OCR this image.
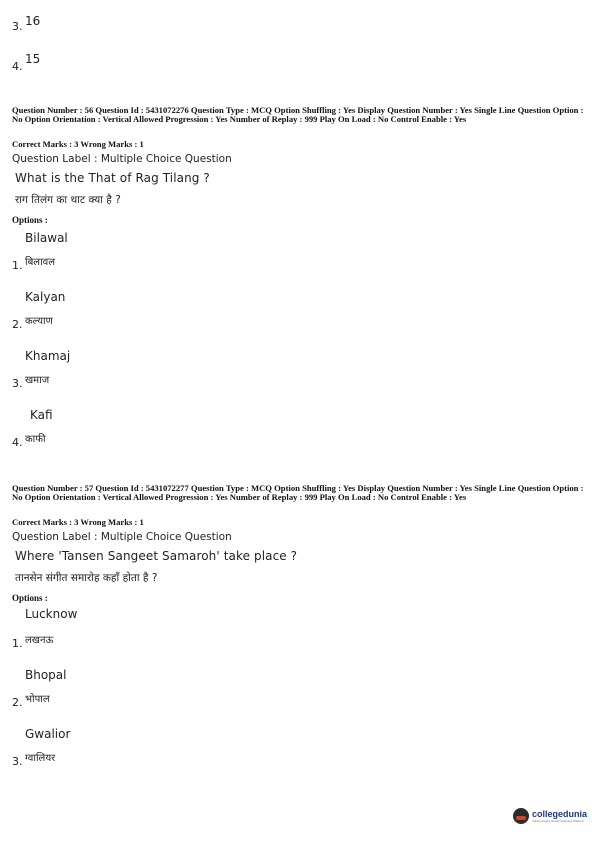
3. 16
4.
15
Question Number : 56 Question Id : 5431072276 Question Type : MCQ Option Shuffling : Yes Display Question Number : Yes Single Line Question Option : No Option Orientation : Vertical Allowed Progression : Yes Number of Replay : 999 Play On Load : No Control Enable : Yes
Correct Marks : 3 Wrong Marks : 1
Question Label : Multiple Choice Question
What is the That of Rag Tilang ?
राग तिलंग का थाट क्या है ?
Options :
Bilawal
1. बिलावल
Kalyan
2. कल्याण
Khamaj
3. खमाज
Kafi
4. काफी
Question Number : 57 Question Id : 5431072277 Question Type : MCQ Option Shuffling : Yes Display Question Number : Yes Single Line Question Option : No Option Orientation : Vertical Allowed Progression : Yes Number of Replay : 999 Play On Load : No Control Enable : Yes
Correct Marks : 3 Wrong Marks : 1
Question Label : Multiple Choice Question
Where 'Tansen Sangeet Samaroh' take place ?
तानसेन संगीत समारोह कहाँ होता है ?
Options :
Lucknow
1. लखनऊ
Bhopal
2. भोपाल
Gwalior
3. ग्वालियर
collegedunia
India's largest Student Review Platform
